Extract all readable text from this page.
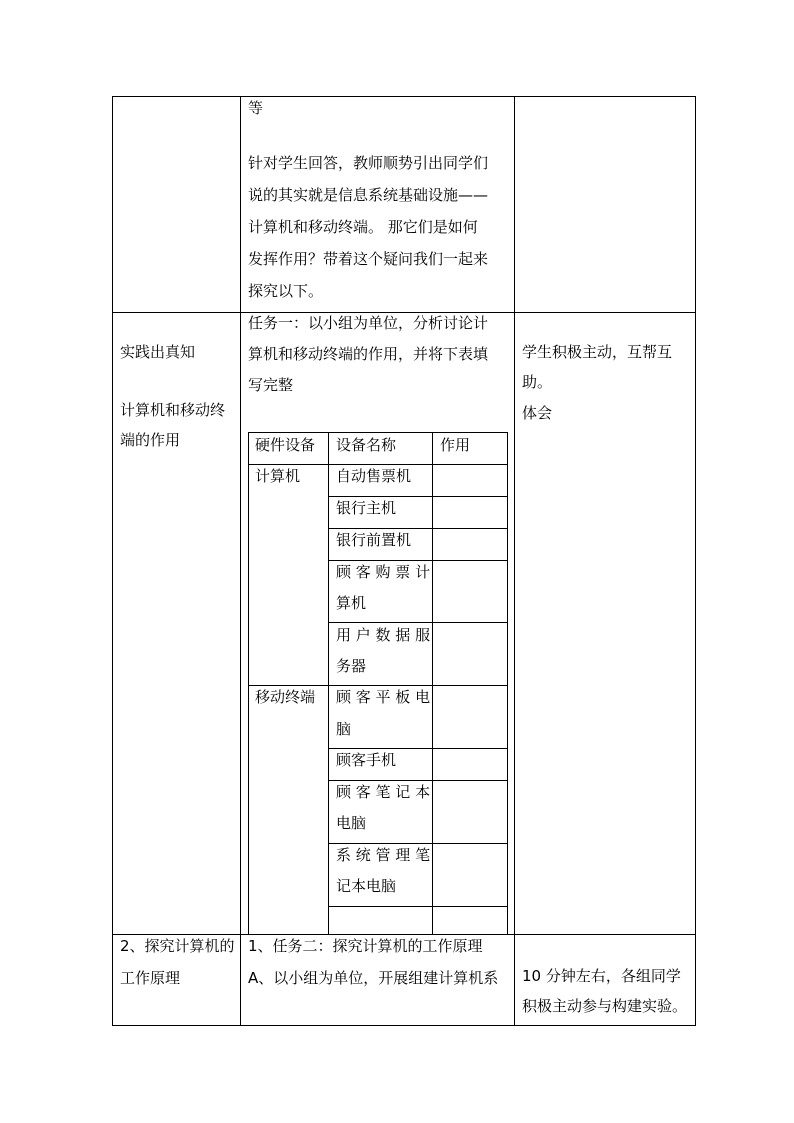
等

针对学生回答，教师顺势引出同学们

说的其实就是信息系统基础设施——

计算机和移动终端。 那它们是如何

发挥作用？带着这个疑问我们一起来

探究以下。

实践出真知

计算机和移动终

端的作用

任务一：以小组为单位，分析讨论计

算机和移动终端的作用，并将下表填

写完整

学生积极主动，互帮互

助。

体会

硬件设备 设备名称	作用
计算机
移动终端
自动售票机
银行主机
银行前置机
顾 客 购 票 计
算机
用 户 数 据 服
务器
顾 客 平 板 电
脑
顾客手机
顾 客 笔 记 本
电脑
系 统 管 理 笔
记本电脑

2、探究计算机的

工作原理

1、任务二：探究计算机的工作原理

A、以小组为单位，开展组建计算机系 10 分钟左右，各组同学

积极主动参与构建实验。
